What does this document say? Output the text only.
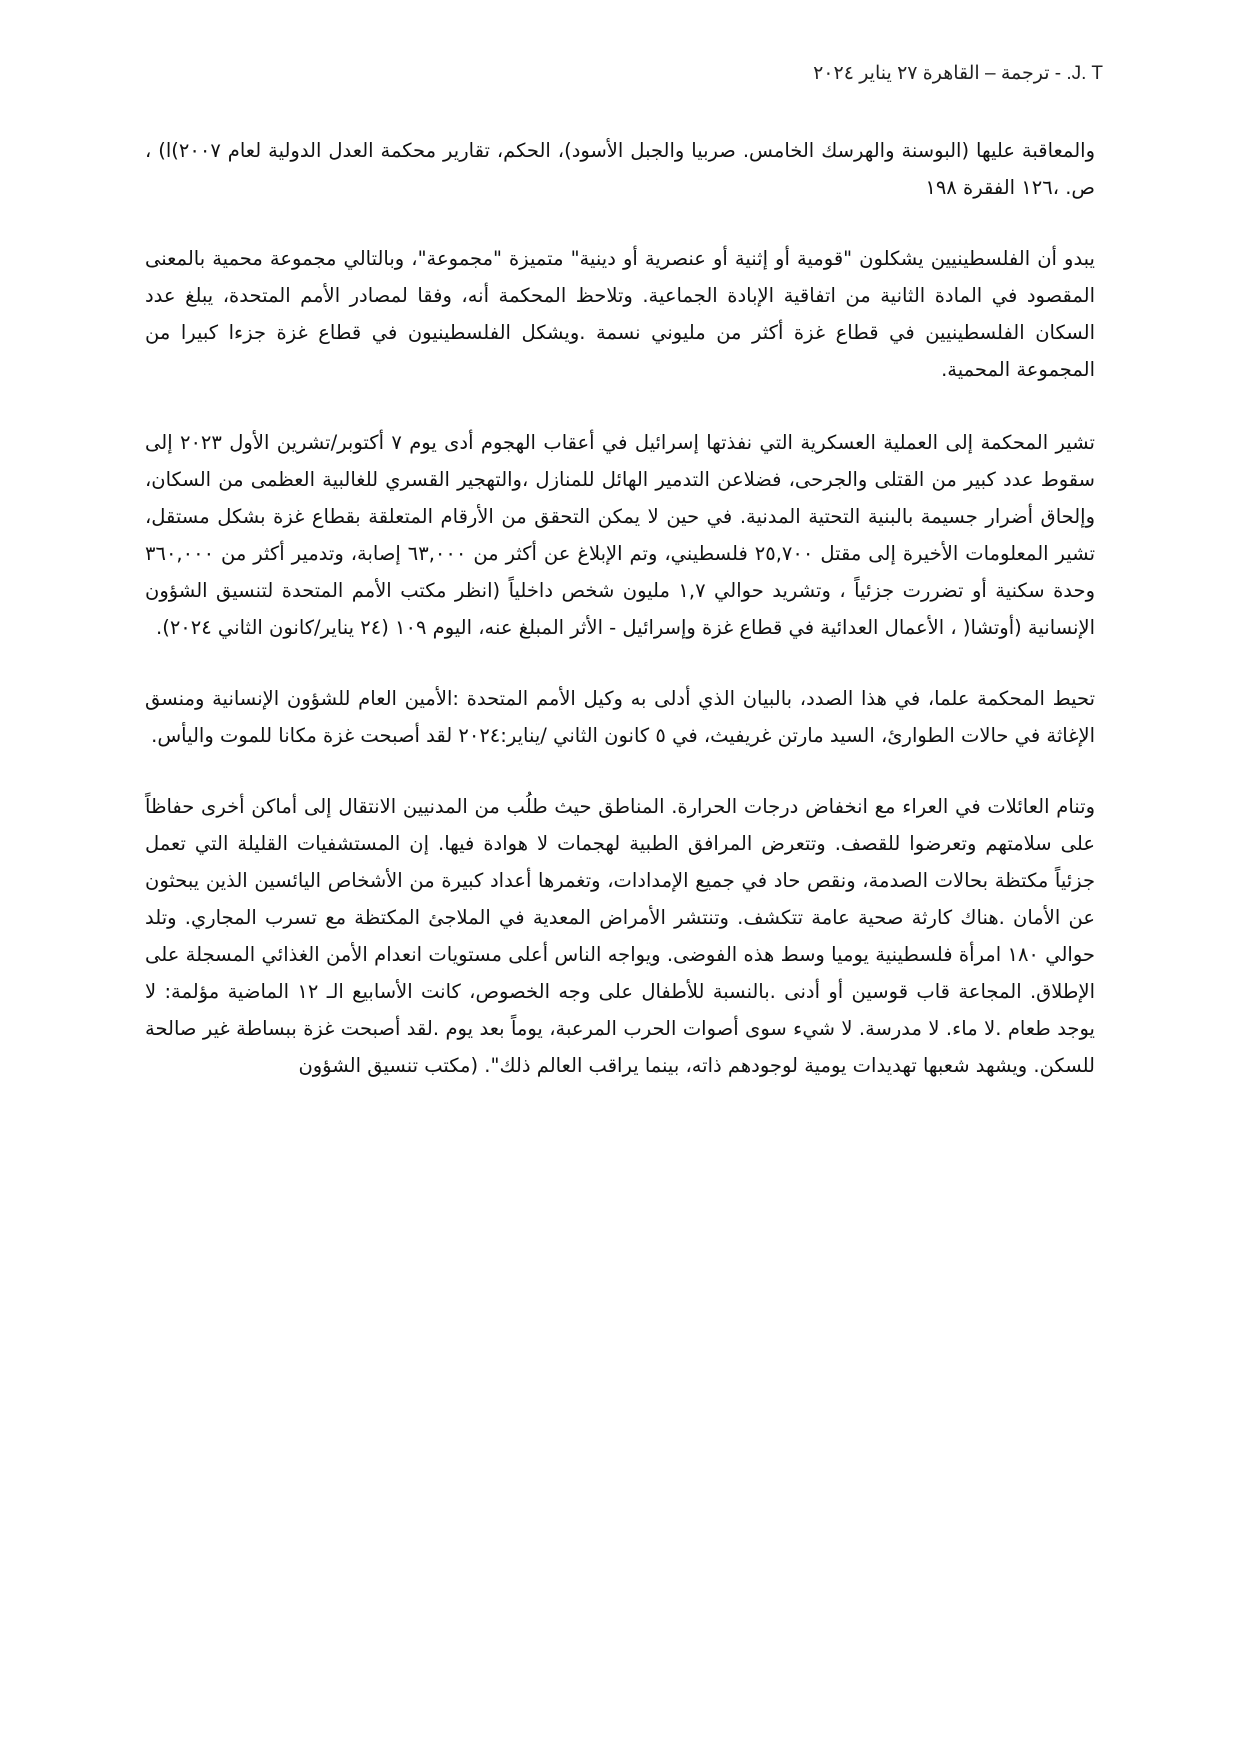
J. T. - ترجمة – القاهرة ٢٧ يناير ٢٠٢٤

والمعاقبة عليها (البوسنة والهرسك الخامس. صربيا والجبل الأسود)، الحكم، تقارير محكمة العدل الدولية لعام ٢٠٠٧)ا) ، ص. ،١٢٦ الفقرة ١٩٨

يبدو أن الفلسطينيين يشكلون "قومية أو إثنية أو عنصرية أو دينية" متميزة "مجموعة"، وبالتالي مجموعة محمية بالمعنى المقصود في المادة الثانية من اتفاقية الإبادة الجماعية. وتلاحظ المحكمة أنه، وفقا لمصادر الأمم المتحدة، يبلغ عدد السكان الفلسطينيين في قطاع غزة أكثر من مليوني نسمة .ويشكل الفلسطينيون في قطاع غزة جزءا كبيرا من المجموعة المحمية.

تشير المحكمة إلى العملية العسكرية التي نفذتها إسرائيل في أعقاب الهجوم أدى يوم ٧ أكتوبر/تشرين الأول ٢٠٢٣ إلى سقوط عدد كبير من القتلى والجرحى، فضلاعن التدمير الهائل للمنازل ،والتهجير القسري للغالبية العظمى من السكان، وإلحاق أضرار جسيمة بالبنية التحتية المدنية. في حين لا يمكن التحقق من الأرقام المتعلقة بقطاع غزة بشكل مستقل، تشير المعلومات الأخيرة إلى مقتل ٢٥,٧٠٠ فلسطيني، وتم الإبلاغ عن أكثر من ٦٣,٠٠٠ إصابة، وتدمير أكثر من ٣٦٠,٠٠٠ وحدة سكنية أو تضررت جزئياً ، وتشريد حوالي ١,٧ مليون شخص داخلياً (انظر مكتب الأمم المتحدة لتنسيق الشؤون الإنسانية (أوتشا( ، الأعمال العدائية في قطاع غزة وإسرائيل - الأثر المبلغ عنه، اليوم ١٠٩ (٢٤ يناير/كانون الثاني ٢٠٢٤).

تحيط المحكمة علما، في هذا الصدد، بالبيان الذي أدلى به وكيل الأمم المتحدة :الأمين العام للشؤون الإنسانية ومنسق الإغاثة في حالات الطوارئ، السيد مارتن غريفيث، في ٥ كانون الثاني /يناير:٢٠٢٤ لقد أصبحت غزة مكانا للموت واليأس.

وتنام العائلات في العراء مع انخفاض درجات الحرارة. المناطق حيث طلُب من المدنيين الانتقال إلى أماكن أخرى حفاظاً على سلامتهم وتعرضوا للقصف. وتتعرض المرافق الطبية لهجمات لا هوادة فيها. إن المستشفيات القليلة التي تعمل جزئياً مكتظة بحالات الصدمة، ونقص حاد في جميع الإمدادات، وتغمرها أعداد كبيرة من الأشخاص اليائسين الذين يبحثون عن الأمان .هناك كارثة صحية عامة تتكشف. وتنتشر الأمراض المعدية في الملاجئ المكتظة مع تسرب المجاري. وتلد حوالي ١٨٠ امرأة فلسطينية يوميا وسط هذه الفوضى. ويواجه الناس أعلى مستويات انعدام الأمن الغذائي المسجلة على الإطلاق. المجاعة قاب قوسين أو أدنى .بالنسبة للأطفال على وجه الخصوص، كانت الأسابيع الـ ١٢ الماضية مؤلمة: لا يوجد طعام .لا ماء. لا مدرسة. لا شيء سوى أصوات الحرب المرعبة، يوماً بعد يوم .لقد أصبحت غزة ببساطة غير صالحة للسكن. ويشهد شعبها تهديدات يومية لوجودهم ذاته، بينما يراقب العالم ذلك". (مكتب تنسيق الشؤون
